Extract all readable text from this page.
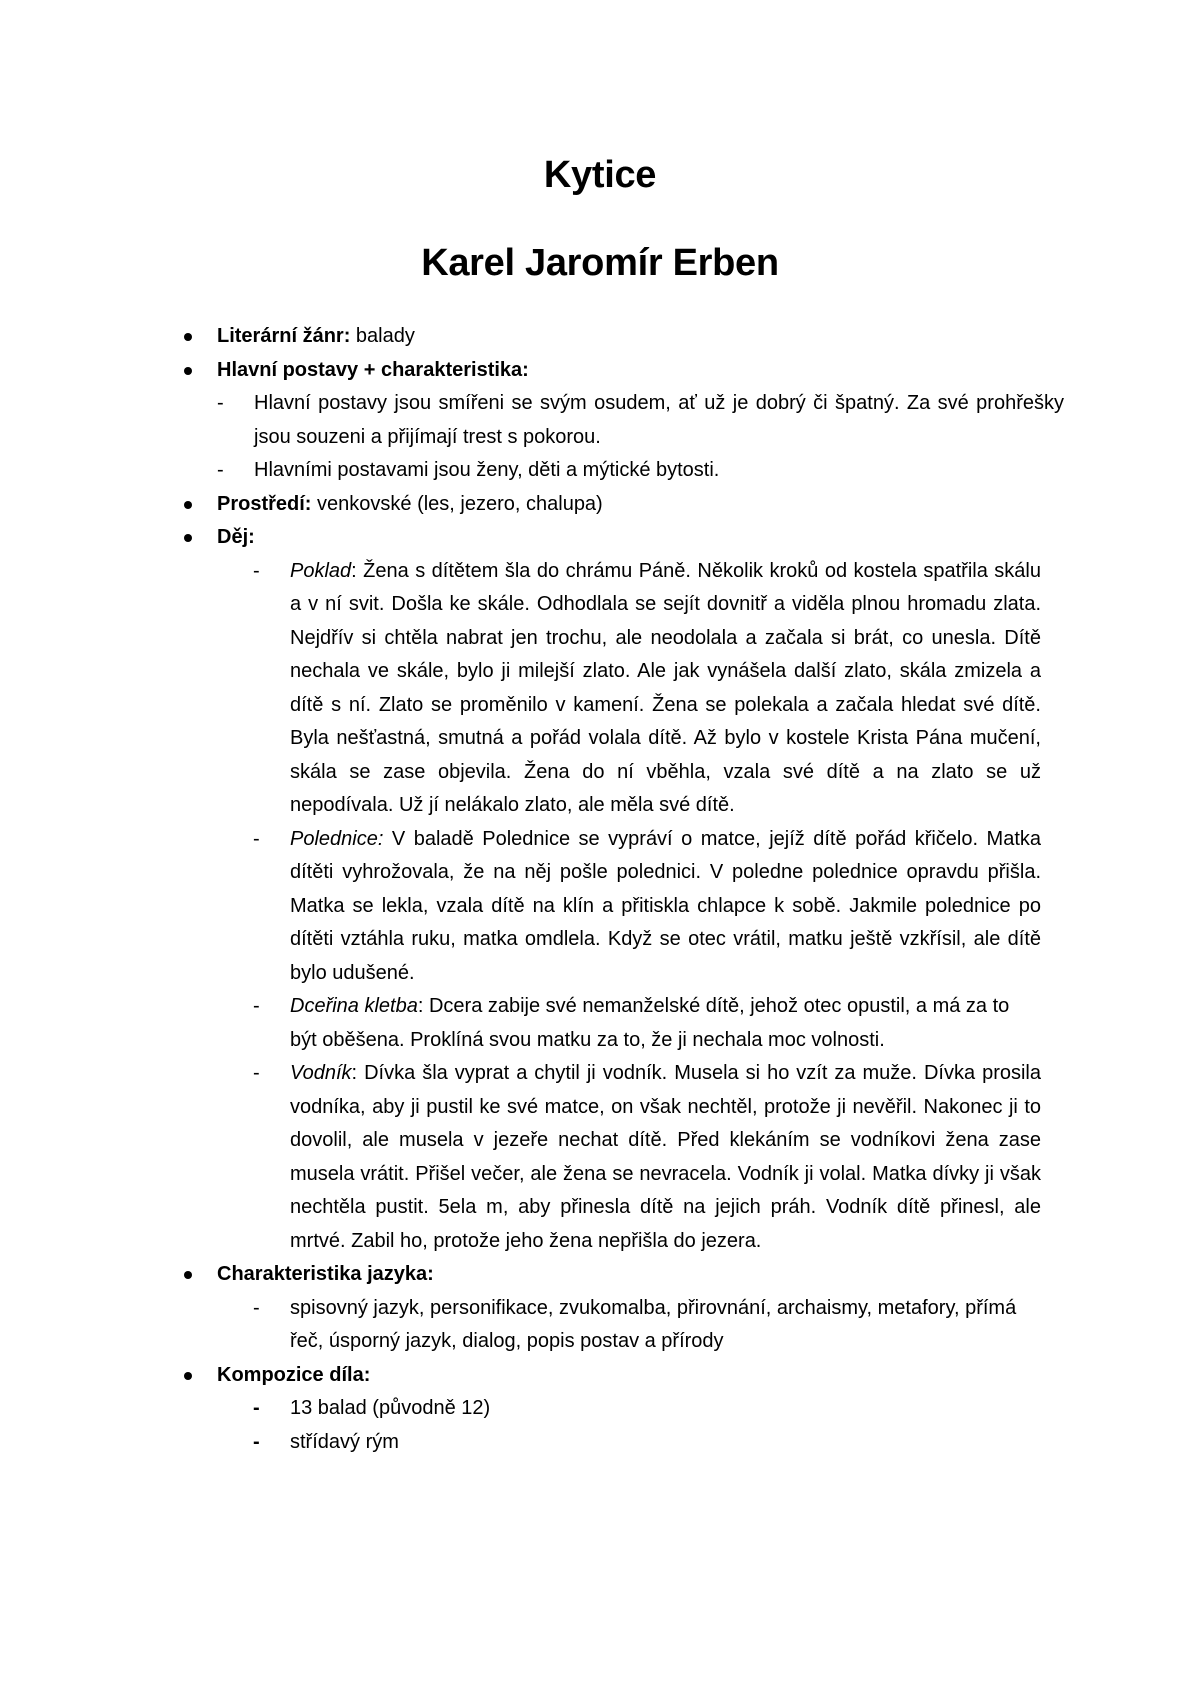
Kytice
Karel Jaromír Erben
Literární žánr: balady
Hlavní postavy + charakteristika:
- Hlavní postavy jsou smířeni se svým osudem, ať už je dobrý či špatný. Za své prohřešky jsou souzeni a přijímají trest s pokorou.
- Hlavními postavami jsou ženy, děti a mýtické bytosti.
Prostředí: venkovské (les, jezero, chalupa)
Děj:
- Poklad: Žena s dítětem šla do chrámu Páně. Několik kroků od kostela spatřila skálu a v ní svit. Došla ke skále. Odhodlala se sejít dovnitř a viděla plnou hromadu zlata. Nejdřív si chtěla nabrat jen trochu, ale neodolala a začala si brát, co unesla. Dítě nechala ve skále, bylo ji milejší zlato. Ale jak vynášela další zlato, skála zmizela a dítě s ní. Zlato se proměnilo v kamení. Žena se polekala a začala hledat své dítě. Byla nešťastná, smutná a pořád volala dítě. Až bylo v kostele Krista Pána mučení, skála se zase objevila. Žena do ní vběhla, vzala své dítě a na zlato se už nepodívala. Už jí nelákalo zlato, ale měla své dítě.
- Polednice: V baladě Polednice se vypráví o matce, jejíž dítě pořád křičelo. Matka dítěti vyhrožovala, že na něj pošle polednici. V poledne polednice opravdu přišla. Matka se lekla, vzala dítě na klín a přitiskla chlapce k sobě. Jakmile polednice po dítěti vztáhla ruku, matka omdlela. Když se otec vrátil, matku ještě vzkřísil, ale dítě bylo udušené.
- Dceřina kletba: Dcera zabije své nemanželské dítě, jehož otec opustil, a má za to být oběšena. Proklíná svou matku za to, že ji nechala moc volnosti.
- Vodník: Dívka šla vyprat a chytil ji vodník. Musela si ho vzít za muže. Dívka prosila vodníka, aby ji pustil ke své matce, on však nechtěl, protože ji nevěřil. Nakonec ji to dovolil, ale musela v jezeře nechat dítě. Před klekáním se vodníkovi žena zase musela vrátit. Přišel večer, ale žena se nevracela. Vodník ji volal. Matka dívky ji však nechtěla pustit. 5ela m, aby přinesla dítě na jejich práh. Vodník dítě přinesl, ale mrtvé. Zabil ho, protože jeho žena nepřišla do jezera.
Charakteristika jazyka:
- spisovný jazyk, personifikace, zvukomalba, přirovnání, archaismy, metafory, přímá řeč, úsporný jazyk, dialog, popis postav a přírody
Kompozice díla:
- 13 balad (původně 12)
- střídavý rým
